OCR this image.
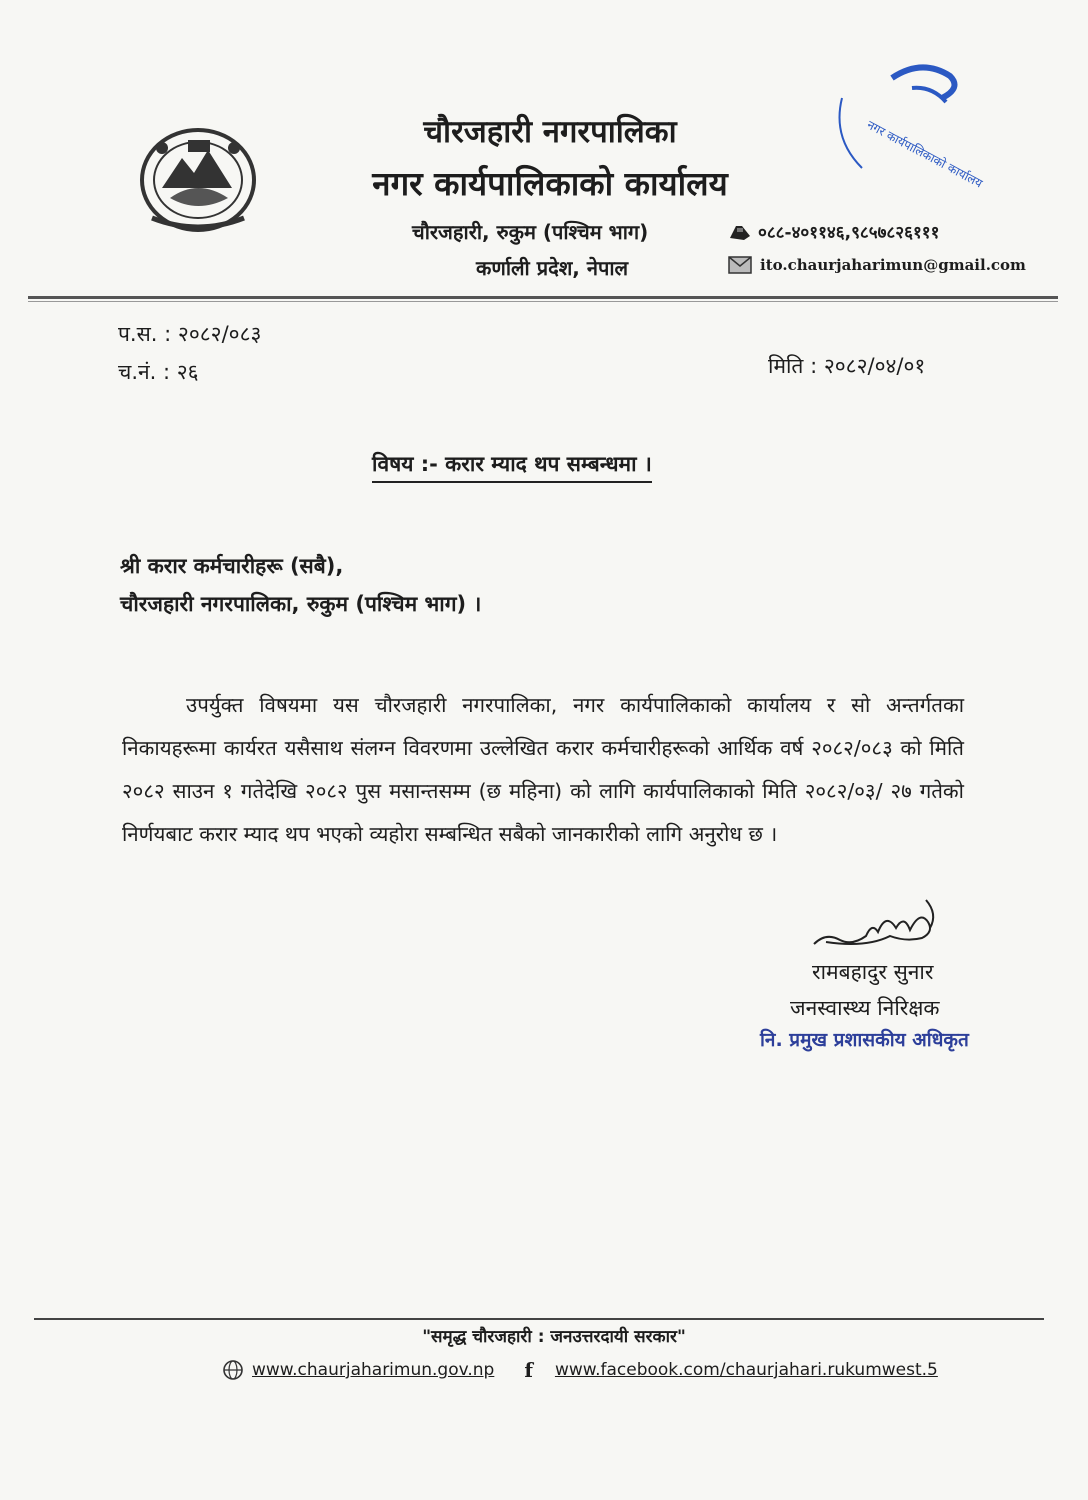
चौरजहारी नगरपालिका
नगर कार्यपालिकाको कार्यालय
चौरजहारी, रुकुम (पश्चिम भाग)
कर्णाली प्रदेश, नेपाल
०८८-४०११४६,९८५७८२६१११
ito.chaurjaharimun@gmail.com
नगर कार्यपालिकाको कार्यालय
प.स. : २०८२/०८३
च.नं. : २६	मिति : २०८२/०४/०१
विषय :- करार म्याद थप सम्बन्धमा ।
श्री करार कर्मचारीहरू (सबै),
चौरजहारी नगरपालिका, रुकुम (पश्चिम भाग) ।
उपर्युक्त विषयमा यस चौरजहारी नगरपालिका, नगर कार्यपालिकाको कार्यालय र सो अन्तर्गतका निकायहरूमा कार्यरत यसैसाथ संलग्न विवरणमा उल्लेखित करार कर्मचारीहरूको आर्थिक वर्ष २०८२/०८३ को मिति २०८२ साउन १ गतेदेखि २०८२ पुस मसान्तसम्म (छ महिना) को लागि कार्यपालिकाको मिति २०८२/०३/ २७ गतेको निर्णयबाट करार म्याद थप भएको व्यहोरा सम्बन्धित सबैको जानकारीको लागि अनुरोध छ ।
रामबहादुर सुनार
जनस्वास्थ्य निरिक्षक
नि. प्रमुख प्रशासकीय अधिकृत
"समृद्ध चौरजहारी : जनउत्तरदायी सरकार"
www.chaurjaharimun.gov.np f www.facebook.com/chaurjahari.rukumwest.5
